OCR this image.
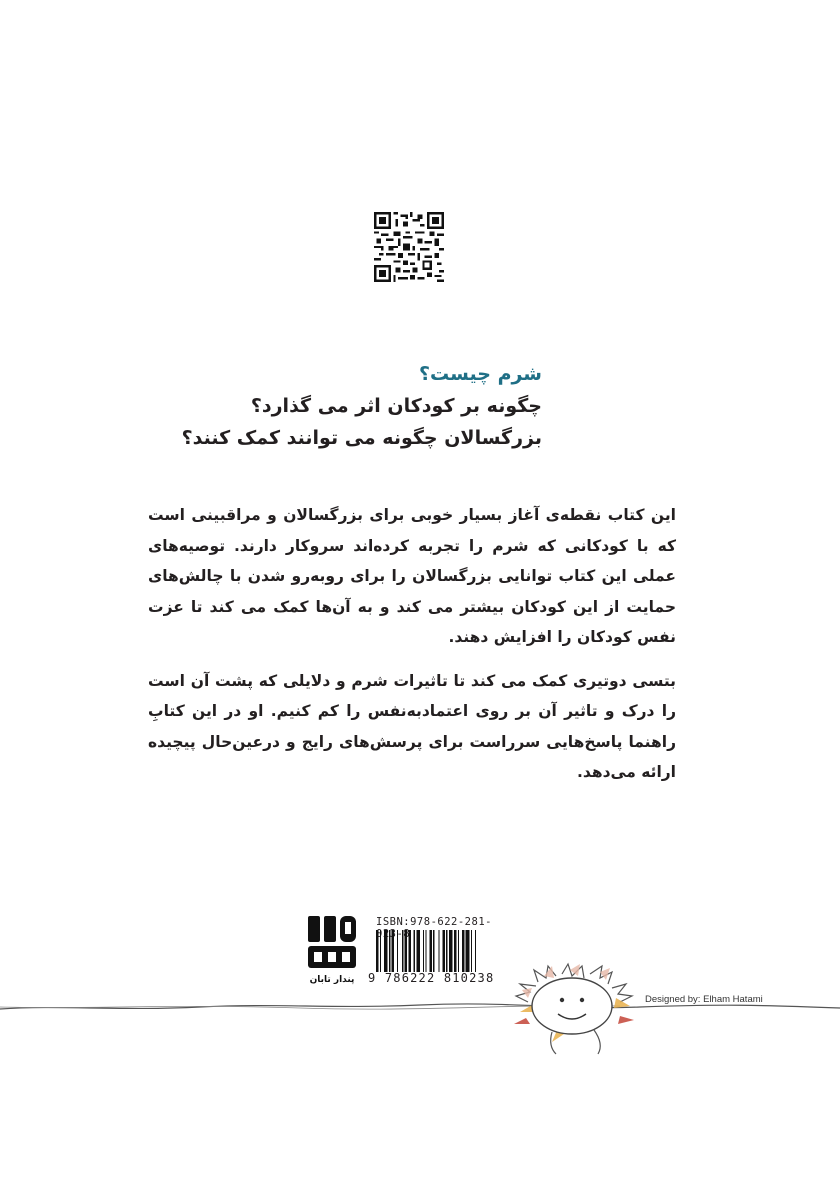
شرم چیست؟
چگونه بر کودکان اثر می گذارد؟
بزرگسالان چگونه می توانند کمک کنند؟

این کتاب نقطه‌ی آغاز بسیار خوبی برای بزرگسالان و مراقبینی است که با کودکانی که شرم را تجربه کرده‌اند سروکار دارند. توصیه‌های عملی این کتاب توانایی بزرگسالان را برای روبه‌رو شدن با چالش‌های حمایت از این کودکان بیشتر می کند و به آن‌ها کمک می کند تا عزت نفس کودکان را افزایش دهند.

بتسی دوتیری کمک می کند تا تاثیرات شرم و دلایلی که پشت آن است را درک و تاثیر آن بر روی اعتمادبه‌نفس را کم کنیم. او در این کتابِ راهنما پاسخ‌هایی سرراست برای پرسش‌های رایج و درعین‌حال پیچیده ارائه می‌دهد.

پندار تابان
ISBN:978-622-281-023-8
9 786222 810238
Designed by: Elham Hatami
